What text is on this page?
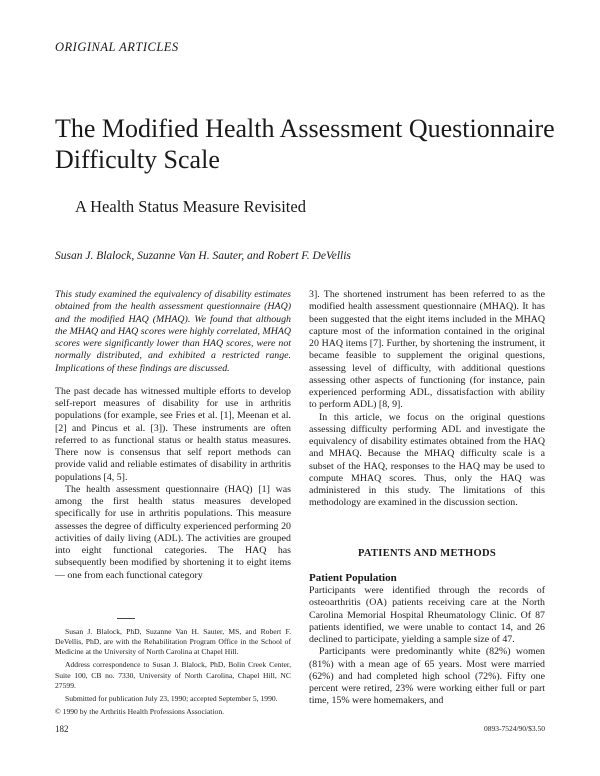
ORIGINAL ARTICLES
The Modified Health Assessment Questionnaire Difficulty Scale
A Health Status Measure Revisited
Susan J. Blalock, Suzanne Van H. Sauter, and Robert F. DeVellis

This study examined the equivalency of disability estimates obtained from the health assessment questionnaire (HAQ) and the modified HAQ (MHAQ). We found that although the MHAQ and HAQ scores were highly correlated, MHAQ scores were significantly lower than HAQ scores, were not normally distributed, and exhibited a restricted range. Implications of these findings are discussed.

The past decade has witnessed multiple efforts to develop self-report measures of disability for use in arthritis populations (for example, see Fries et al. [1], Meenan et al. [2] and Pincus et al. [3]). These instruments are often referred to as functional status or health status measures. There now is consensus that self report methods can provide valid and reliable estimates of disability in arthritis populations [4, 5].

The health assessment questionnaire (HAQ) [1] was among the first health status measures developed specifically for use in arthritis populations. This measure assesses the degree of difficulty experienced performing 20 activities of daily living (ADL). The activities are grouped into eight functional categories. The HAQ has subsequently been modified by shortening it to eight items — one from each functional category

Susan J. Blalock, PhD, Suzanne Van H. Sauter, MS, and Robert F. DeVellis, PhD, are with the Rehabilitation Program Office in the School of Medicine at the University of North Carolina at Chapel Hill.

Address correspondence to Susan J. Blalock, PhD, Bolin Creek Center, Suite 100, CB no. 7330, University of North Carolina, Chapel Hill, NC 27599.

Submitted for publication July 23, 1990; accepted September 5, 1990.

© 1990 by the Arthritis Health Professions Association.

3]. The shortened instrument has been referred to as the modified health assessment questionnaire (MHAQ). It has been suggested that the eight items included in the MHAQ capture most of the information contained in the original 20 HAQ items [7]. Further, by shortening the instrument, it became feasible to supplement the original questions, assessing level of difficulty, with additional questions assessing other aspects of functioning (for instance, pain experienced performing ADL, dissatisfaction with ability to perform ADL) [8, 9].

In this article, we focus on the original questions assessing difficulty performing ADL and investigate the equivalency of disability estimates obtained from the HAQ and MHAQ. Because the MHAQ difficulty scale is a subset of the HAQ, responses to the HAQ may be used to compute MHAQ scores. Thus, only the HAQ was administered in this study. The limitations of this methodology are examined in the discussion section.

PATIENTS AND METHODS
Patient Population

Participants were identified through the records of osteoarthritis (OA) patients receiving care at the North Carolina Memorial Hospital Rheumatology Clinic. Of 87 patients identified, we were unable to contact 14, and 26 declined to participate, yielding a sample size of 47.

Participants were predominantly white (82%) women (81%) with a mean age of 65 years. Most were married (62%) and had completed high school (72%). Fifty one percent were retired, 23% were working either full or part time, 15% were homemakers, and

182	0893-7524/90/$3.50
